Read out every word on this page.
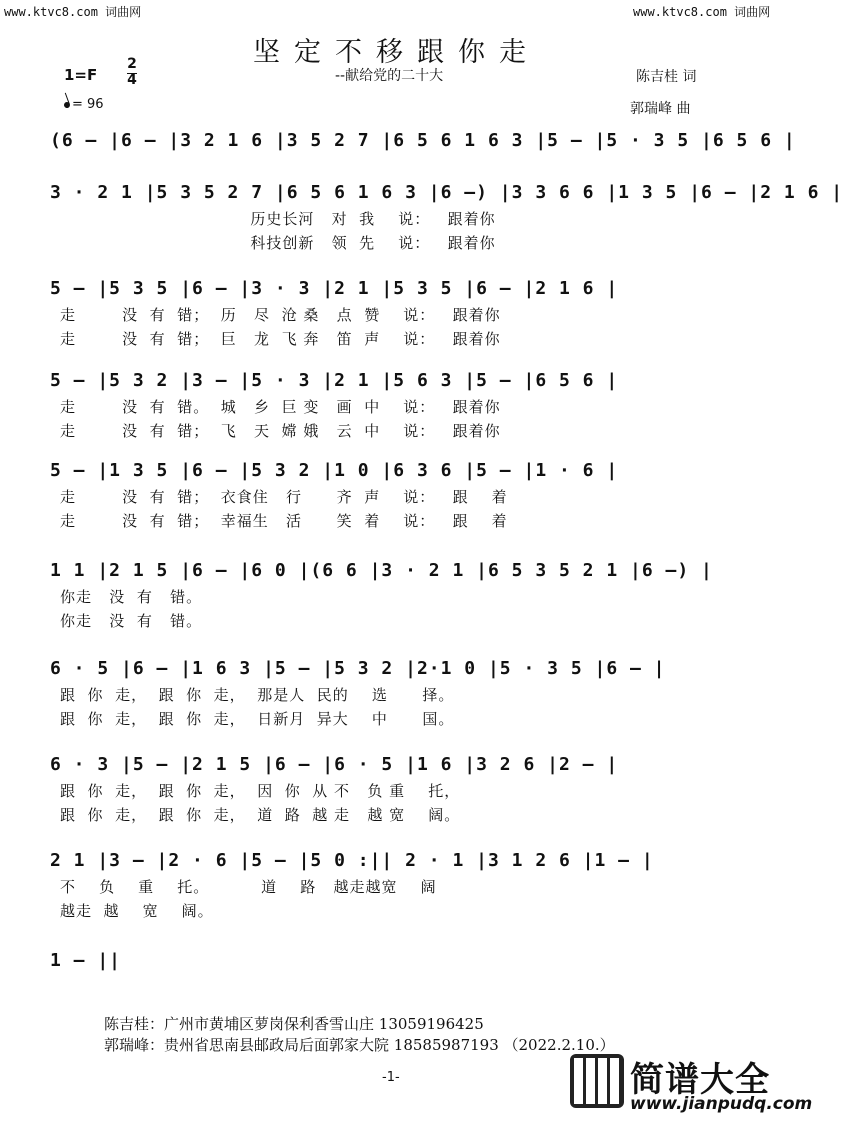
www.ktvc8.com 词曲网	www.ktvc8.com 词曲网
坚定不移跟你走
--献给党的二十大
1=F
2
4
= 96
陈吉桂 词
郭瑞峰 曲
(6 – |6 – |3 2 1 6 |3 5 2 7 |6 5 6 1 6 3 |5 – |5 · 3 5 |6 5 6 |
3 · 2 1 |5 3 5 2 7 |6 5 6 1 6 3 |6 –) |3 3 6 6 |1 3 5 |6 – |2 1 6 |
历史长河   对  我    说：   跟着你
科技创新   领  先    说：   跟着你
5 – |5 3 5 |6 – |3 · 3 |2 1 |5 3 5 |6 – |2 1 6 |
走        没  有  错；  历   尽  沧 桑   点  赞    说：   跟着你
走        没  有  错；  巨   龙  飞 奔   笛  声    说：   跟着你
5 – |5 3 2 |3 – |5 · 3 |2 1 |5 6 3 |5 – |6 5 6 |
走        没  有  错。  城   乡  巨 变   画  中    说：   跟着你
走        没  有  错；  飞   天  嫦 娥   云  中    说：   跟着你
5 – |1 3 5 |6 – |5 3 2 |1 0 |6 3 6 |5 – |1 · 6 |
走        没  有  错；  衣食住   行      齐  声    说：   跟    着
走        没  有  错；  幸福生   活      笑  着    说：   跟    着
1 1 |2 1 5 |6 – |6 0 |(6 6 |3 · 2 1 |6 5 3 5 2 1 |6 –) |
你走   没  有   错。
你走   没  有   错。
6 · 5 |6 – |1 6 3 |5 – |5 3 2 |2·1 0 |5 · 3 5 |6 – |
跟  你  走，  跟  你  走，  那是人  民的    选      择。
跟  你  走，  跟  你  走，  日新月  异大    中      国。
6 · 3 |5 – |2 1 5 |6 – |6 · 5 |1 6 |3 2 6 |2 – |
跟  你  走，  跟  你  走，  因  你  从 不   负 重    托，
跟  你  走，  跟  你  走，  道  路  越 走   越 宽    阔。
2 1 |3 – |2 · 6 |5 – |5 0 :|| 2 · 1 |3 1 2 6 |1 – |
不    负    重    托。         道    路   越走越宽    阔
越走  越    宽    阔。
1 – ||
陈吉桂：广州市黄埔区萝岗保利香雪山庄 13059196425
郭瑞峰：贵州省思南县邮政局后面郭家大院 18585987193 （2022.2.10.）
-1-	简谱大全
www.jianpudq.com
